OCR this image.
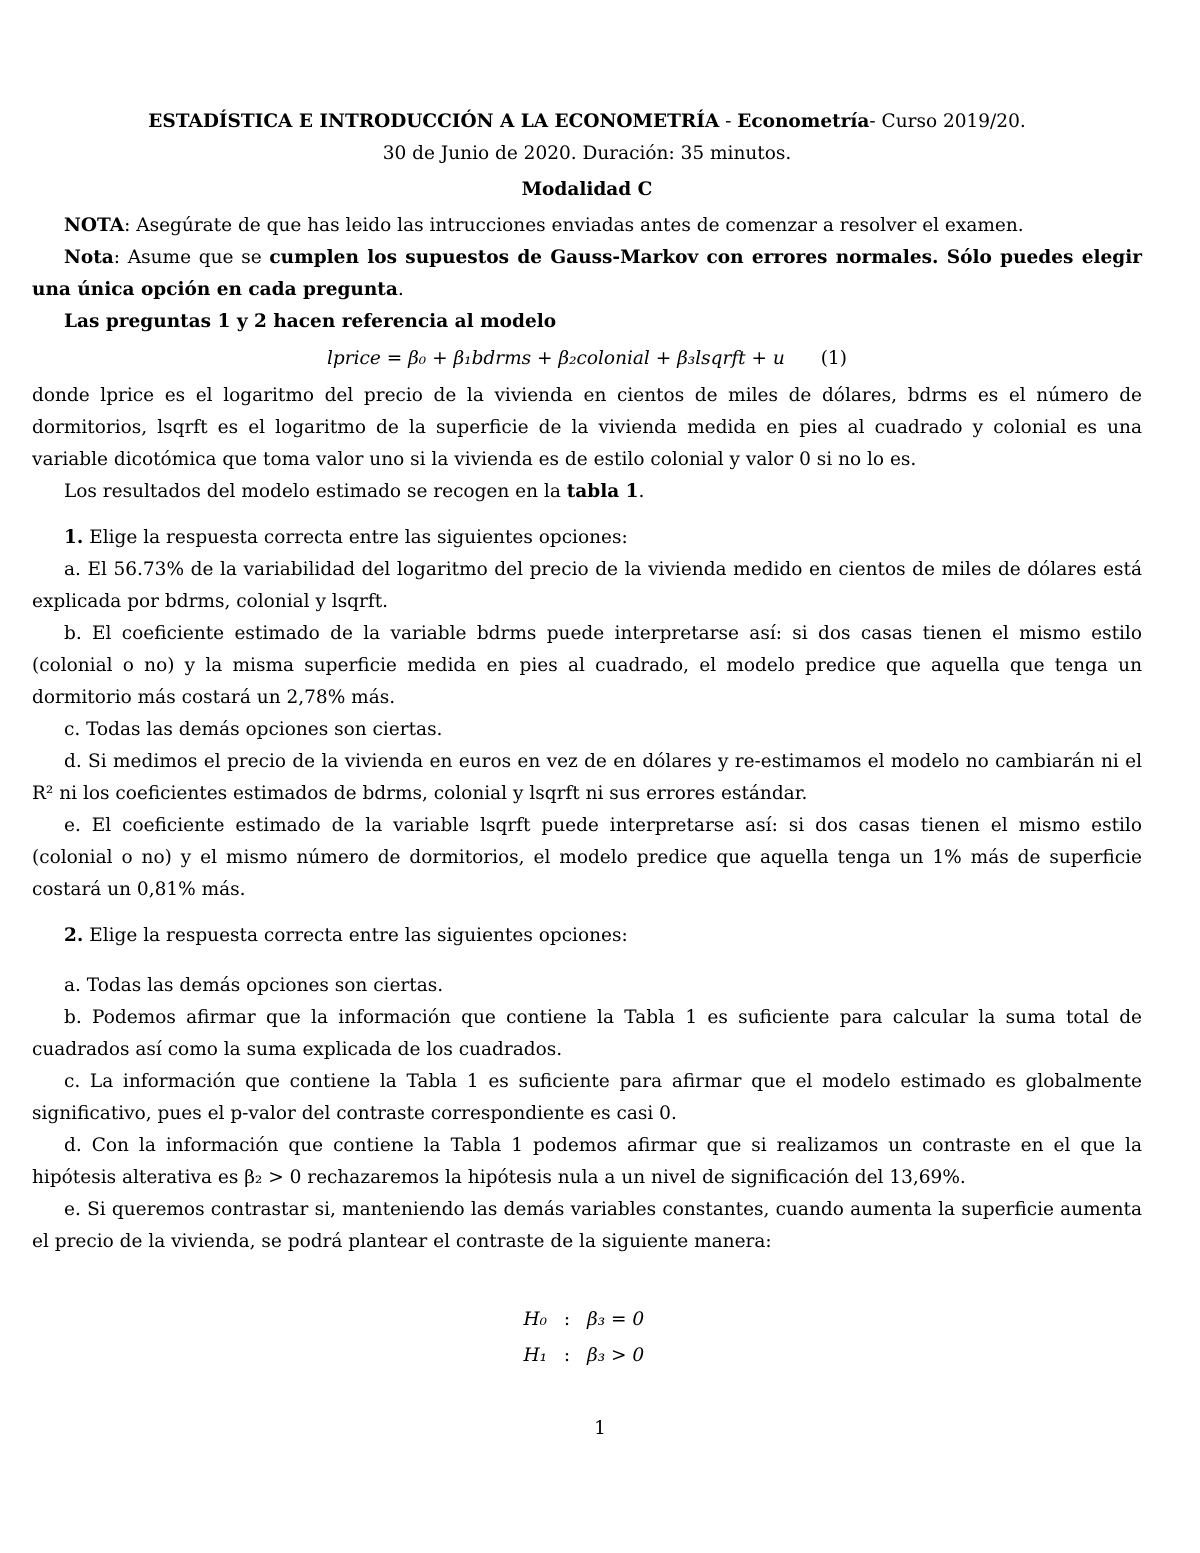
ESTADÍSTICA E INTRODUCCIÓN A LA ECONOMETRÍA - Econometría- Curso 2019/20.
30 de Junio de 2020. Duración: 35 minutos.
Modalidad C

NOTA: Asegúrate de que has leido las intrucciones enviadas antes de comenzar a resolver el examen.

Nota: Asume que se cumplen los supuestos de Gauss-Markov con errores normales. Sólo puedes elegir una única opción en cada pregunta.

Las preguntas 1 y 2 hacen referencia al modelo

lprice = β₀ + β₁bdrms + β₂colonial + β₃lsqrft + u (1)

donde lprice es el logaritmo del precio de la vivienda en cientos de miles de dólares, bdrms es el número de dormitorios, lsqrft es el logaritmo de la superficie de la vivienda medida en pies al cuadrado y colonial es una variable dicotómica que toma valor uno si la vivienda es de estilo colonial y valor 0 si no lo es.

Los resultados del modelo estimado se recogen en la tabla 1.

1. Elige la respuesta correcta entre las siguientes opciones:

a. El 56.73% de la variabilidad del logaritmo del precio de la vivienda medido en cientos de miles de dólares está explicada por bdrms, colonial y lsqrft.

b. El coeficiente estimado de la variable bdrms puede interpretarse así: si dos casas tienen el mismo estilo (colonial o no) y la misma superficie medida en pies al cuadrado, el modelo predice que aquella que tenga un dormitorio más costará un 2,78% más.

c. Todas las demás opciones son ciertas.

d. Si medimos el precio de la vivienda en euros en vez de en dólares y re-estimamos el modelo no cambiarán ni el R² ni los coeficientes estimados de bdrms, colonial y lsqrft ni sus errores estándar.

e. El coeficiente estimado de la variable lsqrft puede interpretarse así: si dos casas tienen el mismo estilo (colonial o no) y el mismo número de dormitorios, el modelo predice que aquella tenga un 1% más de superficie costará un 0,81% más.

2. Elige la respuesta correcta entre las siguientes opciones:

a. Todas las demás opciones son ciertas.

b. Podemos afirmar que la información que contiene la Tabla 1 es suficiente para calcular la suma total de cuadrados así como la suma explicada de los cuadrados.

c. La información que contiene la Tabla 1 es suficiente para afirmar que el modelo estimado es globalmente significativo, pues el p-valor del contraste correspondiente es casi 0.

d. Con la información que contiene la Tabla 1 podemos afirmar que si realizamos un contraste en el que la hipótesis alterativa es β₂ > 0 rechazaremos la hipótesis nula a un nivel de significación del 13,69%.

e. Si queremos contrastar si, manteniendo las demás variables constantes, cuando aumenta la superficie aumenta el precio de la vivienda, se podrá plantear el contraste de la siguiente manera:

H₀ : β₃ = 0
H₁ : β₃ > 0
1
